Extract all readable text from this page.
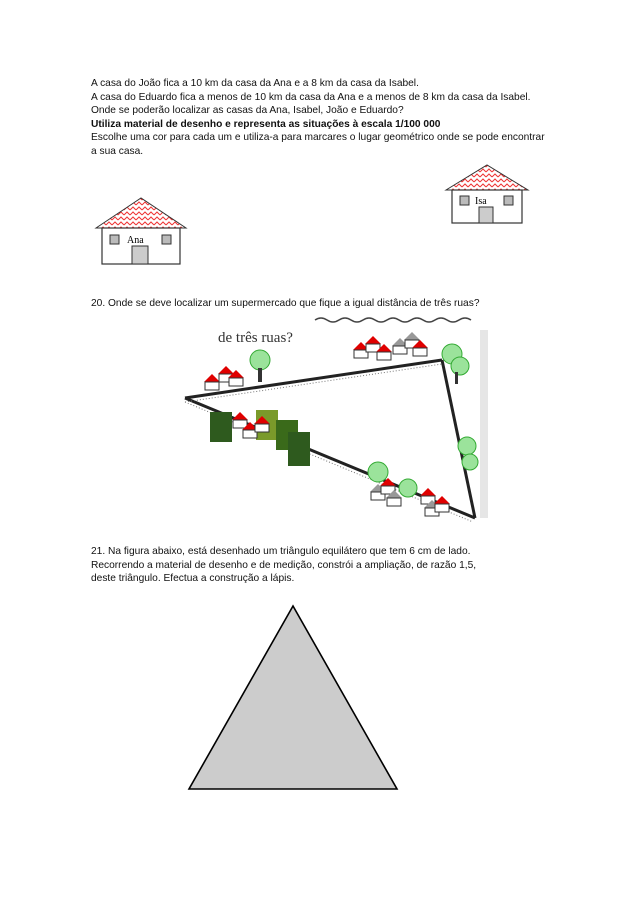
A casa do João fica a 10 km da casa da Ana e a 8 km da casa da Isabel.

A casa do Eduardo fica a menos de 10 km da casa da Ana e a menos de 8 km da casa da Isabel.

Onde se poderão localizar as casas da Ana, Isabel, João e Eduardo?

Utiliza material de desenho e representa as situações à escala 1/100 000

Escolhe uma cor para cada um e utiliza-a para marcares o lugar geométrico onde se pode encontrar a sua casa.

Ana
Isa

20. Onde se deve localizar um supermercado que fique a igual distância de três ruas?

de três ruas?

21. Na figura abaixo, está desenhado um triângulo equilátero que tem 6 cm de lado.

Recorrendo a material de desenho e de medição, constrói a ampliação, de razão 1,5,

deste triângulo. Efectua a construção a lápis.
